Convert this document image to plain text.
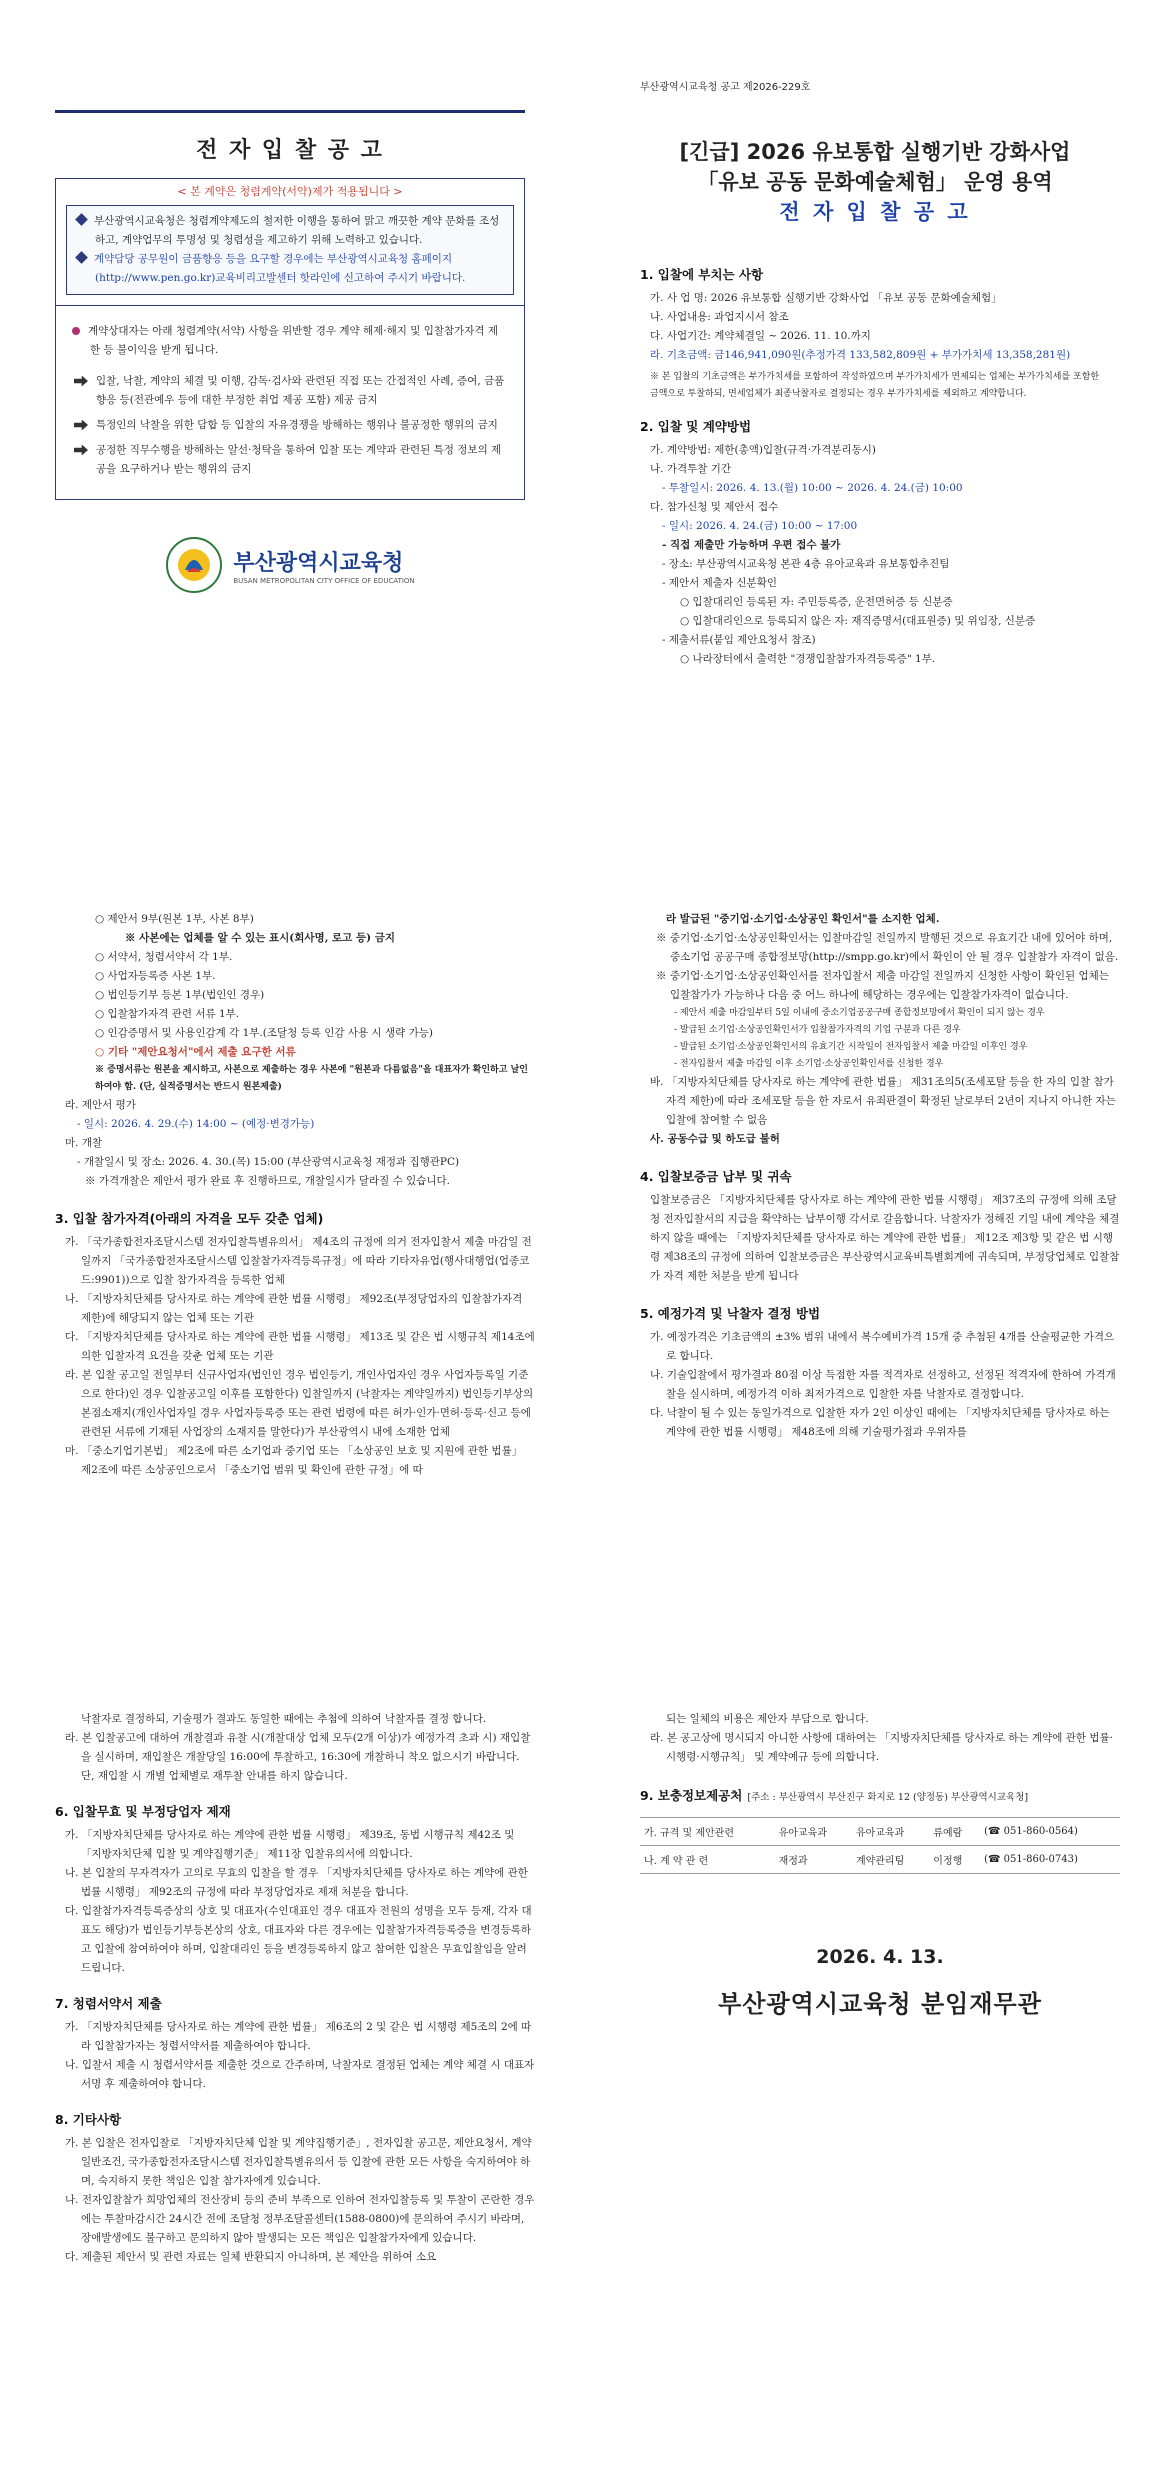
전 자 입 찰 공 고
< 본 계약은 청렴계약(서약)제가 적용됩니다 >

부산광역시교육청은 청렴계약제도의 철저한 이행을 통하여 맑고 깨끗한 계약 문화를 조성하고, 계약업무의 투명성 및 청렴성을 제고하기 위해 노력하고 있습니다.

계약담당 공무원이 금품향응 등을 요구할 경우에는 부산광역시교육청 홈페이지(http://www.pen.go.kr)교육비리고발센터 핫라인에 신고하여 주시기 바랍니다.

계약상대자는 아래 청렴계약(서약) 사항을 위반할 경우 계약 해제·해지 및 입찰참가자격 제한 등 불이익을 받게 됩니다.

입찰, 낙찰, 계약의 체결 및 이행, 감독·검사와 관련된 직접 또는 간접적인 사례, 증여, 금품향응 등(전관예우 등에 대한 부정한 취업 제공 포함) 제공 금지

특정인의 낙찰을 위한 담합 등 입찰의 자유경쟁을 방해하는 행위나 불공정한 행위의 금지

공정한 직무수행을 방해하는 알선·청탁을 통하여 입찰 또는 계약과 관련된 특정 정보의 제공을 요구하거나 받는 행위의 금지

부산광역시교육청
BUSAN METROPOLITAN CITY OFFICE OF EDUCATION
부산광역시교육청 공고 제2026-229호
[긴급] 2026 유보통합 실행기반 강화사업
「유보 공동 문화예술체험」 운영 용역
전 자 입 찰 공 고
1. 입찰에 부치는 사항

가. 사 업 명: 2026 유보통합 실행기반 강화사업 「유보 공동 문화예술체험」

나. 사업내용: 과업지시서 참조

다. 사업기간: 계약체결일 ~ 2026. 11. 10.까지

라. 기초금액: 금146,941,090원(추정가격 133,582,809원 + 부가가치세 13,358,281원)

※ 본 입찰의 기초금액은 부가가치세를 포함하여 작성하였으며 부가가치세가 면제되는 업체는 부가가치세를 포함한 금액으로 투찰하되, 면세업체가 최종낙찰자로 결정되는 경우 부가가치세를 제외하고 계약합니다.

2. 입찰 및 계약방법

가. 계약방법: 제한(총액)입찰(규격·가격분리동시)

나. 가격투찰 기간

- 투찰일시: 2026. 4. 13.(월) 10:00 ~ 2026. 4. 24.(금) 10:00

다. 참가신청 및 제안서 접수

- 일시: 2026. 4. 24.(금) 10:00 ~ 17:00

- 직접 제출만 가능하며 우편 접수 불가

- 장소: 부산광역시교육청 본관 4층 유아교육과 유보통합추진팀

- 제안서 제출자 신분확인

○ 입찰대리인 등록된 자: 주민등록증, 운전면허증 등 신분증

○ 입찰대리인으로 등록되지 않은 자: 재직증명서(대표원증) 및 위임장, 신분증

- 제출서류(붙임 제안요청서 참조)

○ 나라장터에서 출력한 "경쟁입찰참가자격등록증" 1부.

○ 제안서 9부(원본 1부, 사본 8부)

※ 사본에는 업체를 알 수 있는 표시(회사명, 로고 등) 금지

○ 서약서, 청렴서약서 각 1부.

○ 사업자등록증 사본 1부.

○ 법인등기부 등본 1부(법인인 경우)

○ 입찰참가자격 관련 서류 1부.

○ 인감증명서 및 사용인감계 각 1부.(조달청 등록 인감 사용 시 생략 가능)

○ 기타 "제안요청서"에서 제출 요구한 서류

※ 증명서류는 원본을 제시하고, 사본으로 제출하는 경우 사본에 "원본과 다름없음"을 대표자가 확인하고 날인하여야 함. (단, 실적증명서는 반드시 원본제출)

라. 제안서 평가

- 일시: 2026. 4. 29.(수) 14:00 ~ (예정·변경가능)

마. 개찰

- 개찰일시 및 장소: 2026. 4. 30.(목) 15:00 (부산광역시교육청 재정과 집행관PC)

※ 가격개찰은 제안서 평가 완료 후 진행하므로, 개찰일시가 달라질 수 있습니다.

3. 입찰 참가자격(아래의 자격을 모두 갖춘 업체)

가. 「국가종합전자조달시스템 전자입찰특별유의서」 제4조의 규정에 의거 전자입찰서 제출 마감일 전일까지 「국가종합전자조달시스템 입찰참가자격등록규정」에 따라 기타자유업(행사대행업(업종코드:9901))으로 입찰 참가자격을 등록한 업체

나. 「지방자치단체를 당사자로 하는 계약에 관한 법률 시행령」 제92조(부정당업자의 입찰참가자격 제한)에 해당되지 않는 업체 또는 기관

다. 「지방자치단체를 당사자로 하는 계약에 관한 법률 시행령」 제13조 및 같은 법 시행규칙 제14조에 의한 입찰자격 요건을 갖춘 업체 또는 기관

라. 본 입찰 공고일 전일부터 신규사업자(법인인 경우 법인등기, 개인사업자인 경우 사업자등록일 기준으로 한다)인 경우 입찰공고일 이후를 포함한다) 입찰일까지 (낙찰자는 계약일까지) 법인등기부상의 본점소재지(개인사업자일 경우 사업자등록증 또는 관련 법령에 따른 허가·인가·면허·등록·신고 등에 관련된 서류에 기재된 사업장의 소재지를 말한다)가 부산광역시 내에 소재한 업체

마. 「중소기업기본법」 제2조에 따른 소기업과 중기업 또는 「소상공인 보호 및 지원에 관한 법률」 제2조에 따른 소상공인으로서 「중소기업 범위 및 확인에 관한 규정」에 따

라 발급된 "중기업·소기업·소상공인 확인서"를 소지한 업체.

※ 중기업·소기업·소상공인확인서는 입찰마감일 전일까지 발행된 것으로 유효기간 내에 있어야 하며, 중소기업 공공구매 종합정보망(http://smpp.go.kr)에서 확인이 안 될 경우 입찰참가 자격이 없음.

※ 중기업·소기업·소상공인확인서를 전자입찰서 제출 마감일 전일까지 신청한 사항이 확인된 업체는 입찰참가가 가능하나 다음 중 어느 하나에 해당하는 경우에는 입찰참가자격이 없습니다.

- 제안서 제출 마감일부터 5일 이내에 중소기업공공구매 종합정보망에서 확인이 되지 않는 경우

- 발급된 소기업·소상공인확인서가 입찰참가자격의 기업 구분과 다른 경우

- 발급된 소기업·소상공인확인서의 유효기간 시작일이 전자입찰서 제출 마감일 이후인 경우

- 전자입찰서 제출 마감일 이후 소기업·소상공인확인서를 신청한 경우

바. 「지방자치단체를 당사자로 하는 계약에 관한 법률」 제31조의5(조세포탈 등을 한 자의 입찰 참가자격 제한)에 따라 조세포탈 등을 한 자로서 유죄판결이 확정된 날로부터 2년이 지나지 아니한 자는 입찰에 참여할 수 없음

사. 공동수급 및 하도급 불허

4. 입찰보증금 납부 및 귀속

입찰보증금은 「지방자치단체를 당사자로 하는 계약에 관한 법률 시행령」 제37조의 규정에 의해 조달청 전자입찰서의 지급을 확약하는 납부이행 각서로 갈음합니다. 낙찰자가 정해진 기일 내에 계약을 체결하지 않을 때에는 「지방자치단체를 당사자로 하는 계약에 관한 법률」 제12조 제3항 및 같은 법 시행령 제38조의 규정에 의하여 입찰보증금은 부산광역시교육비특별회계에 귀속되며, 부정당업체로 입찰참가 자격 제한 처분을 받게 됩니다

5. 예정가격 및 낙찰자 결정 방법

가. 예정가격은 기초금액의 ±3% 범위 내에서 복수예비가격 15개 중 추첨된 4개를 산술평균한 가격으로 합니다.

나. 기술입찰에서 평가결과 80점 이상 득점한 자를 적격자로 선정하고, 선정된 적격자에 한하여 가격개찰을 실시하며, 예정가격 이하 최저가격으로 입찰한 자를 낙찰자로 결정합니다.

다. 낙찰이 될 수 있는 동일가격으로 입찰한 자가 2인 이상인 때에는 「지방자치단체를 당사자로 하는 계약에 관한 법률 시행령」 제48조에 의해 기술평가점과 우위자를

낙찰자로 결정하되, 기술평가 결과도 동일한 때에는 추첨에 의하여 낙찰자를 결정 합니다.

라. 본 입찰공고에 대하여 개찰결과 유찰 시(개찰대상 업체 모두(2개 이상)가 예정가격 초과 시) 재입찰을 실시하며, 재입찰은 개찰당일 16:00에 투찰하고, 16:30에 개찰하니 착오 없으시기 바랍니다. 단, 재입찰 시 개별 업체별로 재투찰 안내를 하지 않습니다.

6. 입찰무효 및 부정당업자 제재

가. 「지방자치단체를 당사자로 하는 계약에 관한 법률 시행령」 제39조, 동법 시행규칙 제42조 및 「지방자치단체 입찰 및 계약집행기준」 제11장 입찰유의서에 의합니다.

나. 본 입찰의 무자격자가 고의로 무효의 입찰을 할 경우 「지방자치단체를 당사자로 하는 계약에 관한 법률 시행령」 제92조의 규정에 따라 부정당업자로 제재 처분을 합니다.

다. 입찰참가자격등록증상의 상호 및 대표자(수인대표인 경우 대표자 전원의 성명을 모두 등재, 각자 대표도 해당)가 법인등기부등본상의 상호, 대표자와 다른 경우에는 입찰참가자격등록증을 변경등록하고 입찰에 참여하여야 하며, 입찰대리인 등을 변경등록하지 않고 참여한 입찰은 무효입찰임을 알려드립니다.

7. 청렴서약서 제출

가. 「지방자치단체를 당사자로 하는 계약에 관한 법률」 제6조의 2 및 같은 법 시행령 제5조의 2에 따라 입찰참가자는 청렴서약서를 제출하여야 합니다.

나. 입찰서 제출 시 청렴서약서를 제출한 것으로 간주하며, 낙찰자로 결정된 업체는 계약 체결 시 대표자 서명 후 제출하여야 합니다.

8. 기타사항

가. 본 입찰은 전자입찰로 「지방자치단체 입찰 및 계약집행기준」, 전자입찰 공고문, 제안요청서, 계약 일반조건, 국가종합전자조달시스템 전자입찰특별유의서 등 입찰에 관한 모든 사항을 숙지하여야 하며, 숙지하지 못한 책임은 입찰 참가자에게 있습니다.

나. 전자입찰참가 희망업체의 전산장비 등의 준비 부족으로 인하여 전자입찰등록 및 투찰이 곤란한 경우에는 투찰마감시간 24시간 전에 조달청 정부조달콜센터(1588-0800)에 문의하여 주시기 바라며, 장애발생에도 불구하고 문의하지 않아 발생되는 모든 책임은 입찰참가자에게 있습니다.

다. 제출된 제안서 및 관련 자료는 일체 반환되지 아니하며, 본 제안을 위하여 소요

되는 일체의 비용은 제안자 부담으로 합니다.

라. 본 공고상에 명시되지 아니한 사항에 대하여는 「지방자치단체를 당사자로 하는 계약에 관한 법률·시행령·시행규칙」 및 계약예규 등에 의합니다.

9. 보충정보제공처 [주소 : 부산광역시 부산진구 화지로 12 (양정동) 부산광역시교육청]
가. 규격 및 제안관련	유아교육과	유아교육과	류예람	(☎ 051-860-0564)
나. 계 약 관 련	재정과	계약관리팀	이정행	(☎ 051-860-0743)
2026. 4. 13.
부산광역시교육청 분임재무관
